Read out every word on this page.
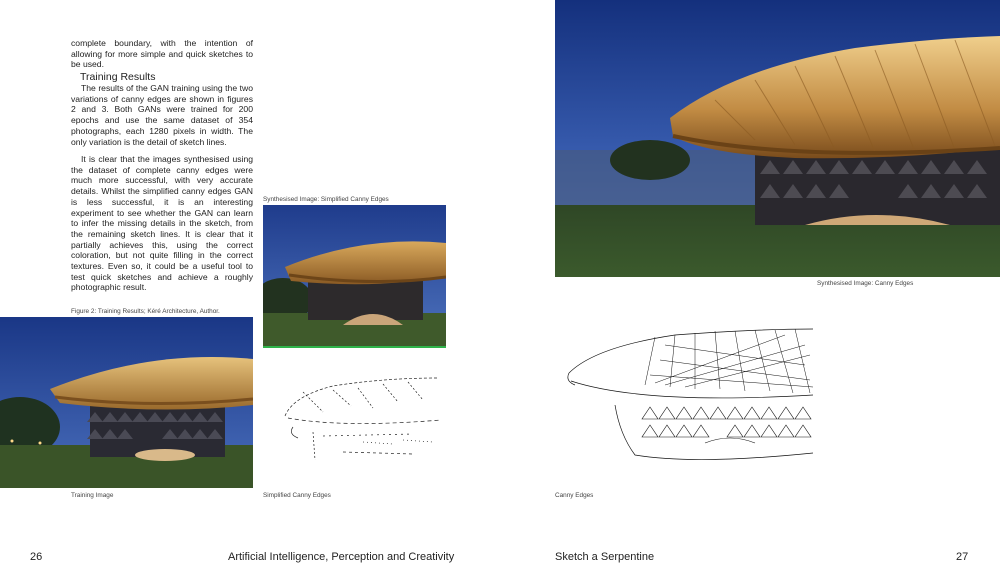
complete boundary, with the intention of allowing for more simple and quick sketches to be used.

Training Results

The results of the GAN training using the two variations of canny edges are shown in figures 2 and 3. Both GANs were trained for 200 epochs and use the same dataset of 354 photographs, each 1280 pixels in width. The only variation is the detail of sketch lines.

It is clear that the images synthesised using the dataset of complete canny edges were much more successful, with very accurate details. Whilst the simplified canny edges GAN is less successful, it is an interesting experiment to see whether the GAN can learn to infer the missing details in the sketch, from the remaining sketch lines. It is clear that it partially achieves this, using the correct coloration, but not quite filling in the correct textures. Even so, it could be a useful tool to test quick sketches and achieve a roughly photographic result.

Figure 2: Training Results; Kéré Architecture, Author.
Synthesised Image: Simplified Canny Edges
Training Image	Simplified Canny Edges
Synthesised Image: Canny Edges
Canny Edges
26	Artificial Intelligence, Perception and Creativity	Sketch a Serpentine	27
